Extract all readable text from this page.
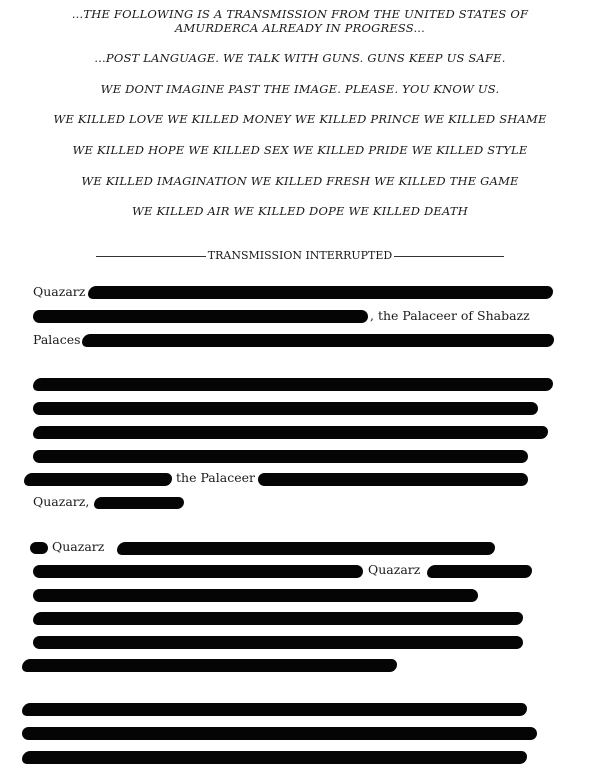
...THE FOLLOWING IS A TRANSMISSION FROM THE UNITED STATES OF
AMURDERCA ALREADY IN PROGRESS...
...POST LANGUAGE. WE TALK WITH GUNS. GUNS KEEP US SAFE.
WE DONT IMAGINE PAST THE IMAGE. PLEASE. YOU KNOW US.
WE KILLED LOVE WE KILLED MONEY WE KILLED PRINCE WE KILLED SHAME
WE KILLED HOPE WE KILLED SEX WE KILLED PRIDE WE KILLED STYLE
WE KILLED IMAGINATION WE KILLED FRESH WE KILLED THE GAME
WE KILLED AIR WE KILLED DOPE WE KILLED DEATH
TRANSMISSION INTERRUPTED
Quazarz
, the Palaceer of Shabazz
Palaces
the Palaceer
Quazarz,
Quazarz
Quazarz
